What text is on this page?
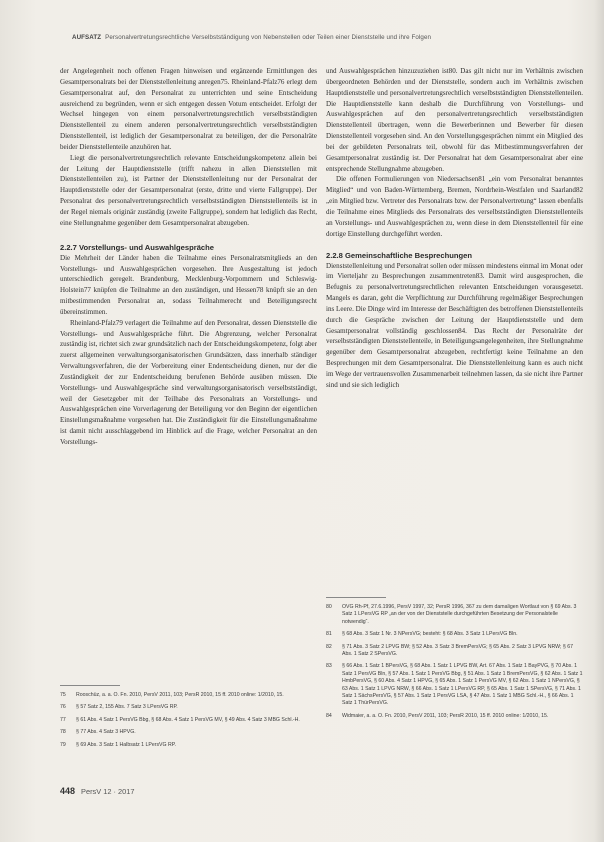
AUFSATZ Personalvertretungsrechtliche Verselbstständigung von Nebenstellen oder Teilen einer Dienststelle und ihre Folgen

der Angelegenheit noch offenen Fragen hinweisen und ergänzende Ermittlungen des Gesamtpersonalrats bei der Dienststellenleitung anregen75. Rheinland-Pfalz76 erlegt dem Gesamtpersonalrat auf, den Personalrat zu unterrichten und seine Entscheidung ausreichend zu begründen, wenn er sich entgegen dessen Votum entscheidet. Erfolgt der Wechsel hingegen von einem personalvertretungsrechtlich verselbstständigten Dienststellenteil zu einem anderen personalvertretungsrechtlich verselbstständigten Dienststellenteil, ist lediglich der Gesamtpersonalrat zu beteiligen, der die Personalräte beider Dienststellenteile anzuhören hat.

Liegt die personalvertretungsrechtlich relevante Entscheidungskompetenz allein bei der Leitung der Hauptdienststelle (trifft nahezu in allen Dienststellen mit Dienststellenteilen zu), ist Partner der Dienststellenleitung nur der Personalrat der Hauptdienststelle oder der Gesamtpersonalrat (erste, dritte und vierte Fallgruppe). Der Personalrat des personalvertretungsrechtlich verselbstständigten Dienststellenteils ist in der Regel niemals originär zuständig (zweite Fallgruppe), sondern hat lediglich das Recht, eine Stellungnahme gegenüber dem Gesamtpersonalrat abzugeben.

2.2.7 Vorstellungs- und Auswahlgespräche

Die Mehrheit der Länder haben die Teilnahme eines Personalratsmitglieds an den Vorstellungs- und Auswahlgesprächen vorgesehen. Ihre Ausgestaltung ist jedoch unterschiedlich geregelt. Brandenburg, Mecklenburg-Vorpommern und Schleswig-Holstein77 knüpfen die Teilnahme an den zuständigen, und Hessen78 knüpft sie an den mitbestimmenden Personalrat an, sodass Teilnahmerecht und Beteiligungsrecht übereinstimmen.

Rheinland-Pfalz79 verlagert die Teilnahme auf den Personalrat, dessen Dienststelle die Vorstellungs- und Auswahlgespräche führt. Die Abgrenzung, welcher Personalrat zuständig ist, richtet sich zwar grundsätzlich nach der Entscheidungskompetenz, folgt aber zuerst allgemeinen verwaltungsorganisatorischen Grundsätzen, dass innerhalb ständiger Verwaltungsverfahren, die der Vorbereitung einer Endentscheidung dienen, nur der die Zuständigkeit der zur Endentscheidung berufenen Behörde ausüben müssen. Die Vorstellungs- und Auswahlgespräche sind verwaltungsorganisatorisch verselbstständigt, weil der Gesetzgeber mit der Teilhabe des Personalrats an Vorstellungs- und Auswahlgesprächen eine Vorverlagerung der Beteiligung vor den Beginn der eigentlichen Einstellungsmaßnahme vorgesehen hat. Die Zuständigkeit für die Einstellungsmaßnahme ist damit nicht ausschlaggebend im Hinblick auf die Frage, welcher Personalrat an den Vorstellungs-

und Auswahlgesprächen hinzuzuziehen ist80. Das gilt nicht nur im Verhältnis zwischen übergeordneten Behörden und der Dienststelle, sondern auch im Verhältnis zwischen Hauptdienststelle und personalvertretungsrechtlich verselbstständigten Dienststellenteilen. Die Hauptdienststelle kann deshalb die Durchführung von Vorstellungs- und Auswahlgesprächen auf den personalvertretungsrechtlich verselbstständigten Dienststellenteil übertragen, wenn die Bewerberinnen und Bewerber für diesen Dienststellenteil vorgesehen sind. An den Vorstellungsgesprächen nimmt ein Mitglied des bei der gebildeten Personalrats teil, obwohl für das Mitbestimmungsverfahren der Gesamtpersonalrat zuständig ist. Der Personalrat hat dem Gesamtpersonalrat aber eine entsprechende Stellungnahme abzugeben.

Die offenen Formulierungen von Niedersachsen81 „ein vom Personalrat benanntes Mitglied“ und von Baden-Württemberg, Bremen, Nordrhein-Westfalen und Saarland82 „ein Mitglied bzw. Vertreter des Personalrats bzw. der Personalvertretung“ lassen ebenfalls die Teilnahme eines Mitglieds des Personalrats des verselbstständigten Dienststellenteils an Vorstellungs- und Auswahlgesprächen zu, wenn diese in dem Dienststellenteil für eine dortige Einstellung durchgeführt werden.

2.2.8 Gemeinschaftliche Besprechungen

Dienststellenleitung und Personalrat sollen oder müssen mindestens einmal im Monat oder im Vierteljahr zu Besprechungen zusammentreten83. Damit wird ausgesprochen, die Befugnis zu personalvertretungsrechtlichen relevanten Entscheidungen vorausgesetzt. Mangels es daran, geht die Verpflichtung zur Durchführung regelmäßiger Besprechungen ins Leere. Die Dinge wird im Interesse der Beschäftigten des betroffenen Dienststellenteils durch die Gespräche zwischen der Leitung der Hauptdienststelle und dem Gesamtpersonalrat vollständig geschlossen84. Das Recht der Personalräte der verselbstständigten Dienststellenteile, in Beteiligungsangelegenheiten, ihre Stellungnahme gegenüber dem Gesamtpersonalrat abzugeben, rechtfertigt keine Teilnahme an den Besprechungen mit dem Gesamtpersonalrat. Die Dienststellenleitung kann es auch nicht im Wege der vertrauensvollen Zusammenarbeit teilnehmen lassen, da sie nicht ihre Partner sind und sie sich lediglich

75	Rooschüz, a. a. O. Fn. 2010, PersV 2011, 103; PersR 2010, 15 ff. 2010 online: 1/2010, 15.
76	§ 57 Satz 2, 155 Abs. 7 Satz 3 LPersVG RP.
77	§ 61 Abs. 4 Satz 1 PersVG Bbg, § 68 Abs. 4 Satz 1 PersVG MV, § 49 Abs. 4 Satz 3 MBG Schl.-H.
78	§ 77 Abs. 4 Satz 3 HPVG.
79	§ 69 Abs. 3 Satz 1 Halbsatz 1 LPersVG RP.
80	OVG Rh-Pf, 27.6.1996, PersV 1997, 32; PersR 1996, 367 zu dem damaligen Wortlaut von § 69 Abs. 3 Satz 1 LPersVG RP „an der von der Dienststelle durchgeführten Besetzung der Personalstelle notwendig“.
81	§ 68 Abs. 3 Satz 1 Nr. 3 NPersVG; besteht: § 68 Abs. 3 Satz 1 LPersVG Bln.
82	§ 71 Abs. 3 Satz 2 LPVG BW; § 52 Abs. 3 Satz 3 BremPersVG; § 65 Abs. 2 Satz 3 LPVG NRW; § 67 Abs. 1 Satz 2 SPersVG.
83	§ 66 Abs. 1 Satz 1 BPersVG, § 68 Abs. 1 Satz 1 LPVG BW, Art. 67 Abs. 1 Satz 1 BayPVG, § 70 Abs. 1 Satz 1 PersVG Bln, § 57 Abs. 1 Satz 1 PersVG Bbg, § 51 Abs. 1 Satz 1 BremPersVG, § 62 Abs. 1 Satz 1 HmbPersVG, § 60 Abs. 4 Satz 1 HPVG, § 65 Abs. 1 Satz 1 PersVG MV, § 62 Abs. 1 Satz 1 NPersVG, § 63 Abs. 1 Satz 1 LPVG NRW, § 66 Abs. 1 Satz 1 LPersVG RP, § 65 Abs. 1 Satz 1 SPersVG, § 71 Abs. 1 Satz 1 SächsPersVG, § 57 Abs. 1 Satz 1 PersVG LSA, § 47 Abs. 1 Satz 1 MBG Schl.-H., § 66 Abs. 1 Satz 1 ThürPersVG.
84	Widmaier, a. a. O. Fn. 2010, PersV 2011, 103; PersR 2010, 15 ff. 2010 online: 1/2010, 15.
448 PersV 12 · 2017
